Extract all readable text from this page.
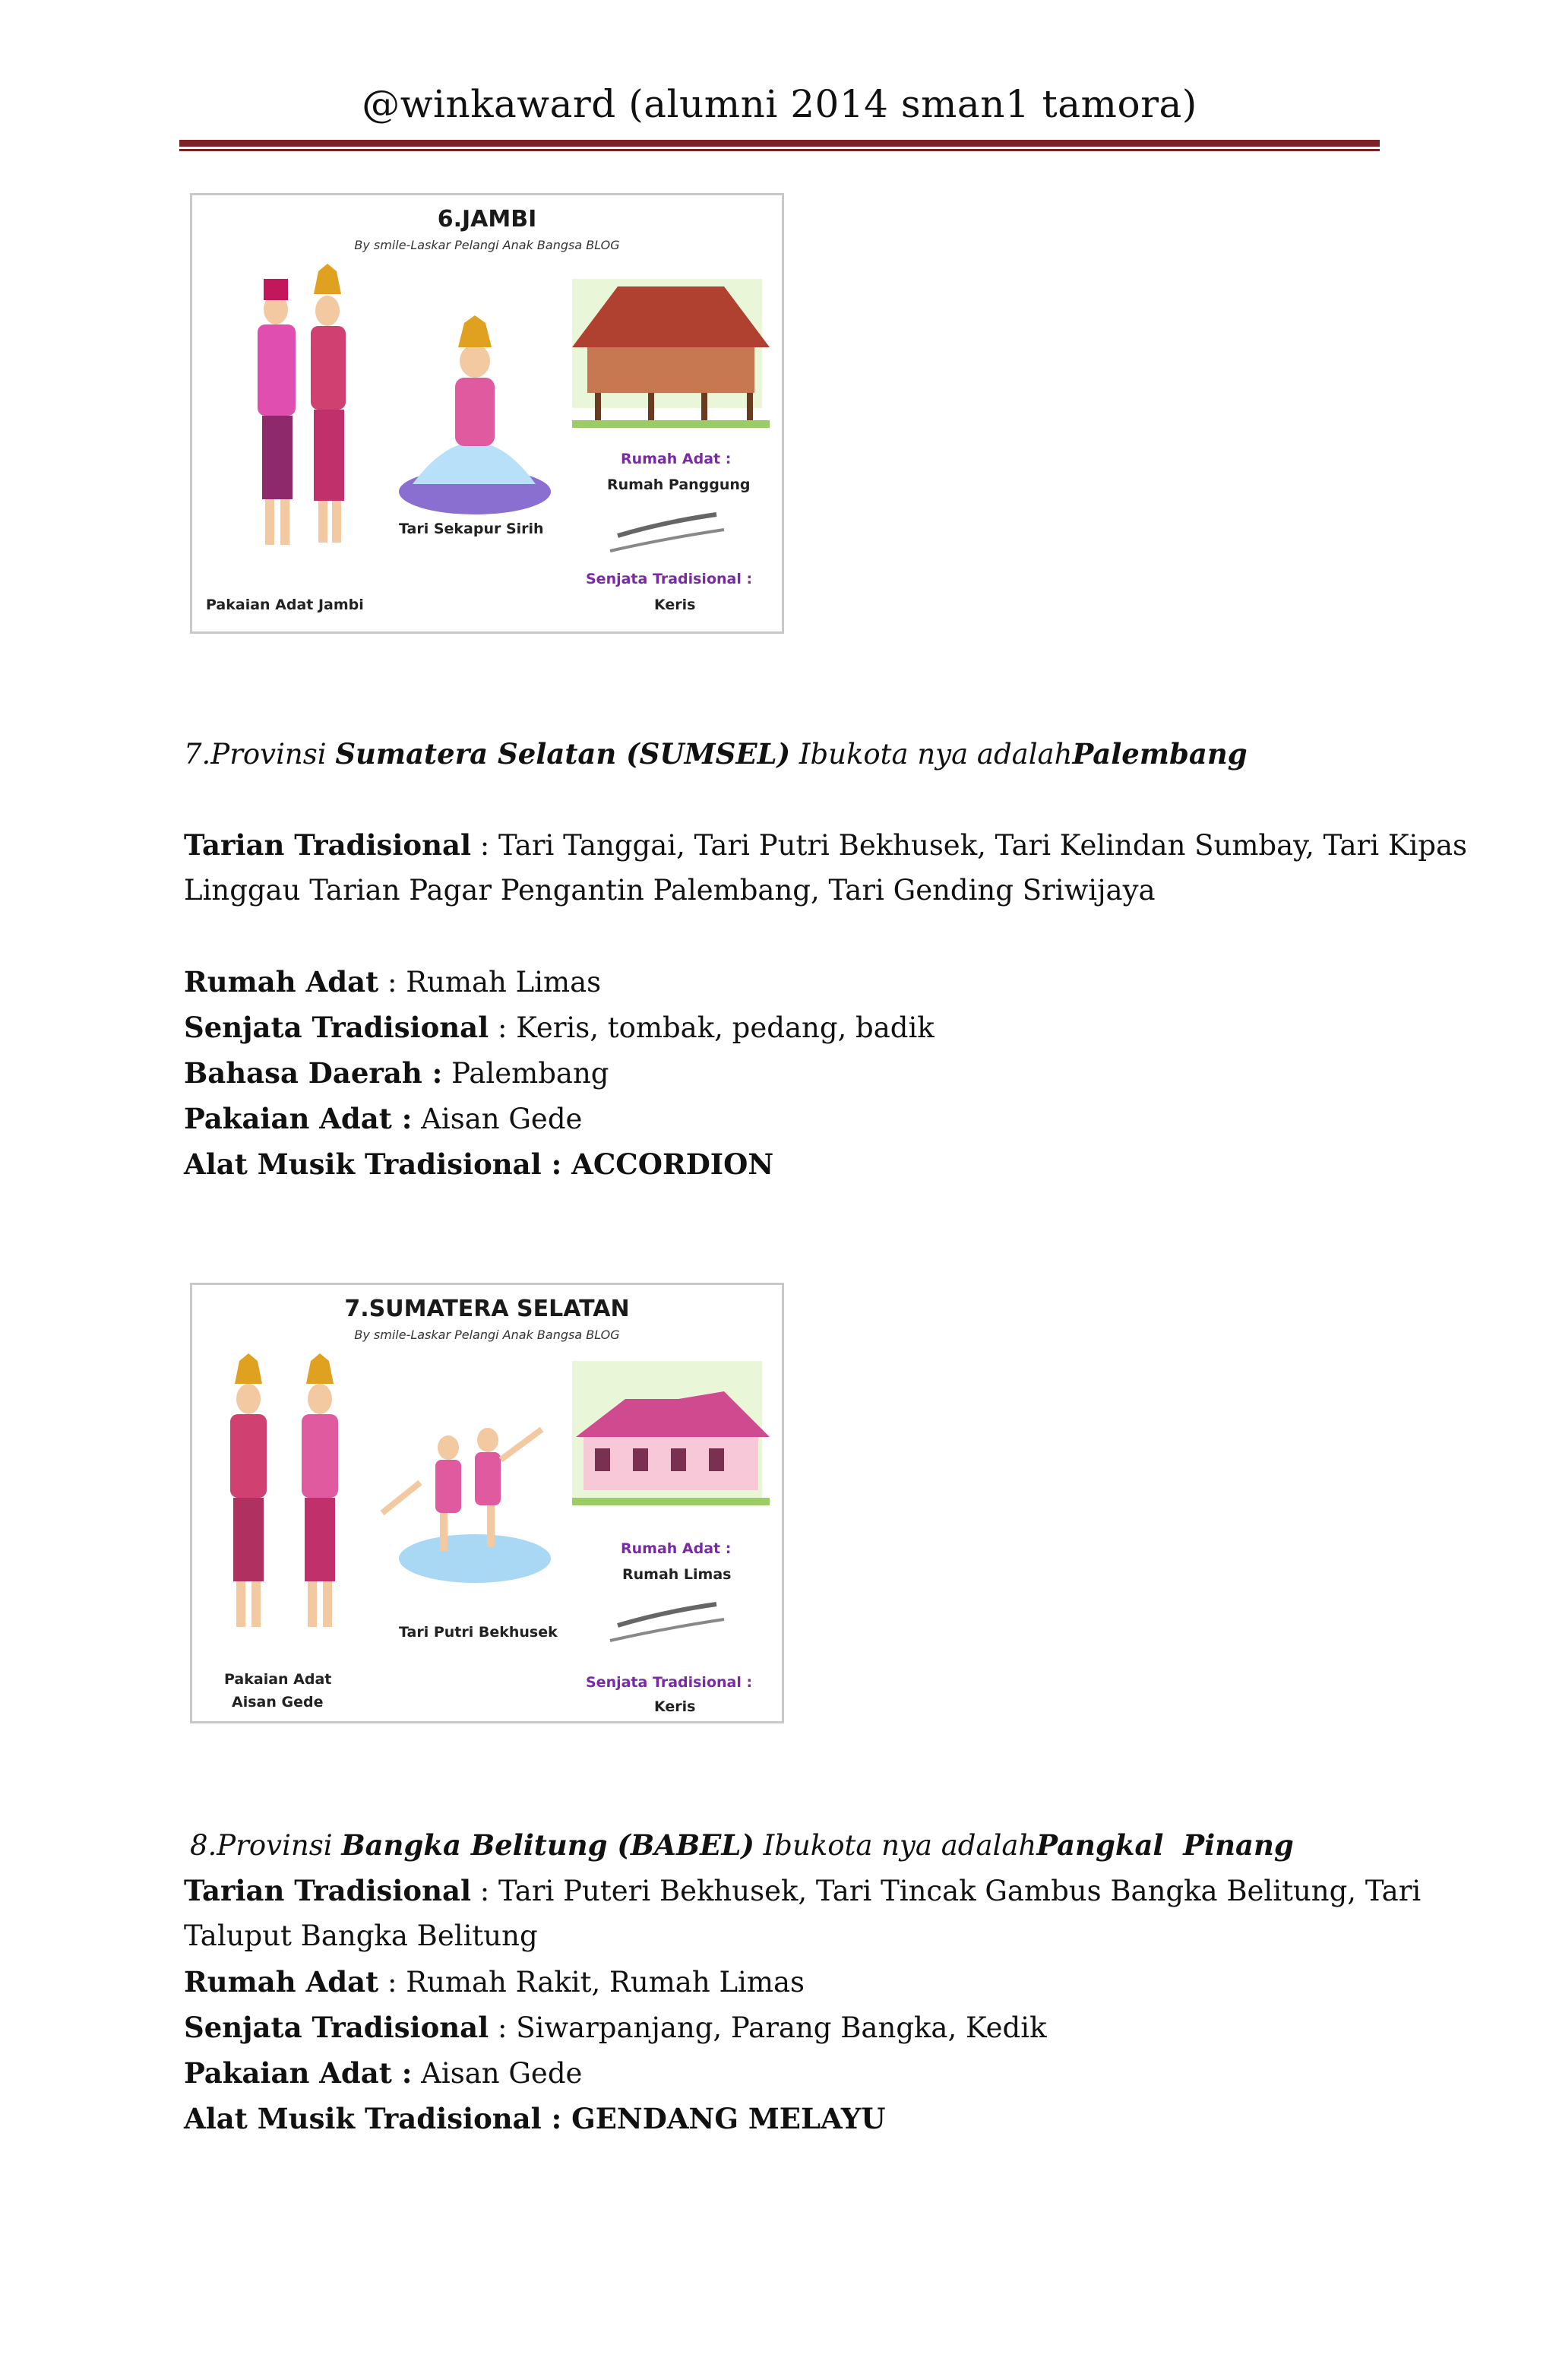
@winkaward (alumni 2014 sman1 tamora)
6.JAMBI
By smile-Laskar Pelangi Anak Bangsa BLOG
Rumah Adat :
Rumah Panggung
Tari Sekapur Sirih
Senjata Tradisional :
Keris
Pakaian Adat Jambi
7.Provinsi Sumatera Selatan (SUMSEL) Ibukota nya adalahPalembang
Tarian Tradisional : Tari Tanggai, Tari Putri Bekhusek, Tari Kelindan Sumbay, Tari Kipas
Linggau Tarian Pagar Pengantin Palembang, Tari Gending Sriwijaya
Rumah Adat : Rumah Limas
Senjata Tradisional : Keris, tombak, pedang, badik
Bahasa Daerah : Palembang
Pakaian Adat : Aisan Gede
Alat Musik Tradisional : ACCORDION
7.SUMATERA SELATAN
By smile-Laskar Pelangi Anak Bangsa BLOG
Rumah Adat :
Rumah Limas
Tari Putri Bekhusek
Senjata Tradisional :
Keris
Pakaian Adat
Aisan Gede
8.Provinsi Bangka Belitung (BABEL) Ibukota nya adalahPangkal  Pinang
Tarian Tradisional : Tari Puteri Bekhusek, Tari Tincak Gambus Bangka Belitung, Tari
Taluput Bangka Belitung
Rumah Adat : Rumah Rakit, Rumah Limas
Senjata Tradisional : Siwarpanjang, Parang Bangka, Kedik
Pakaian Adat : Aisan Gede
Alat Musik Tradisional : GENDANG MELAYU
